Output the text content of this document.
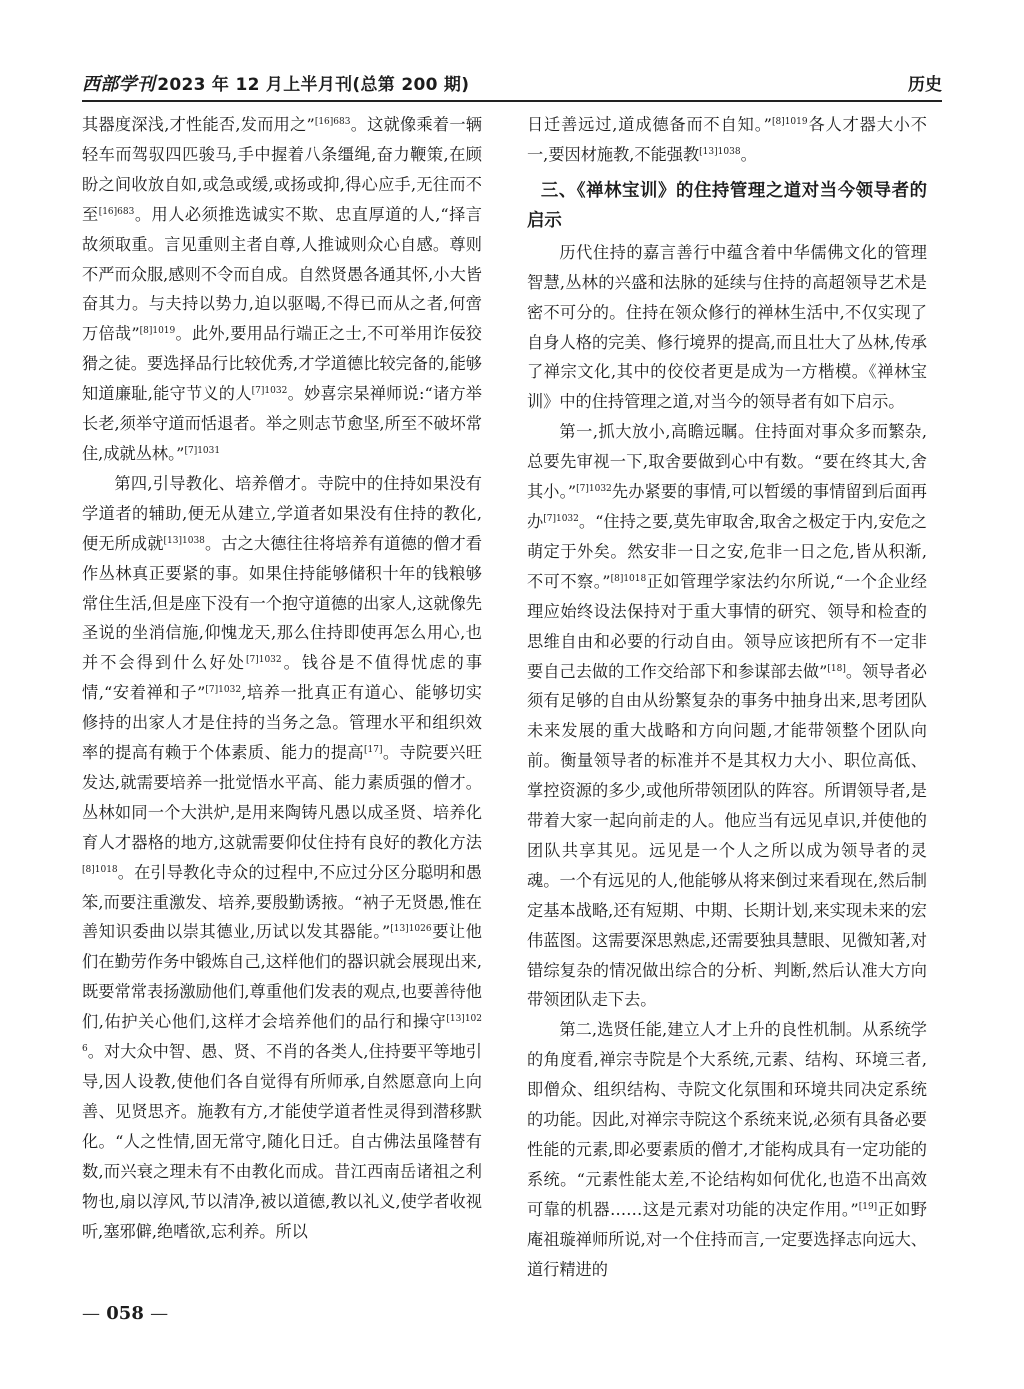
西部学刊 2023 年 12 月上半月刊(总第 200 期)	历史

其器度深浅,才性能否,发而用之”$^{[16]683}$。这就像乘着一辆轻车而驾驭四匹骏马,手中握着八条缰绳,奋力鞭策,在顾盼之间收放自如,或急或缓,或扬或抑,得心应手,无往而不至$^{[16]683}$。用人必须推选诚实不欺、忠直厚道的人,“择言故须取重。言见重则主者自尊,人推诚则众心自感。尊则不严而众服,感则不令而自成。自然贤愚各通其怀,小大皆奋其力。与夫持以势力,迫以驱喝,不得已而从之者,何啻万倍哉”$^{[8]1019}$。此外,要用品行端正之士,不可举用诈佞狡猾之徒。要选择品行比较优秀,才学道德比较完备的,能够知道廉耻,能守节义的人$^{[7]1032}$。妙喜宗杲禅师说:“诸方举长老,须举守道而恬退者。举之则志节愈坚,所至不破坏常住,成就丛林。”$^{[7]1031}$

第四,引导教化、培养僧才。寺院中的住持如果没有学道者的辅助,便无从建立,学道者如果没有住持的教化,便无所成就$^{[13]1038}$。古之大德往往将培养有道德的僧才看作丛林真正要紧的事。如果住持能够储积十年的钱粮够常住生活,但是座下没有一个抱守道德的出家人,这就像先圣说的坐消信施,仰愧龙天,那么住持即使再怎么用心,也并不会得到什么好处$^{[7]1032}$。钱谷是不值得忧虑的事情,“安着禅和子”$^{[7]1032}$,培养一批真正有道心、能够切实修持的出家人才是住持的当务之急。管理水平和组织效率的提高有赖于个体素质、能力的提高[17]。寺院要兴旺发达,就需要培养一批觉悟水平高、能力素质强的僧才。丛林如同一个大洪炉,是用来陶铸凡愚以成圣贤、培养化育人才器格的地方,这就需要仰仗住持有良好的教化方法$^{[8]1018}$。在引导教化寺众的过程中,不应过分区分聪明和愚笨,而要注重激发、培养,要殷勤诱掖。“衲子无贤愚,惟在善知识委曲以崇其德业,历试以发其器能。”$^{[13]1026}$要让他们在勤劳作务中锻炼自己,这样他们的器识就会展现出来,既要常常表扬激励他们,尊重他们发表的观点,也要善待他们,佑护关心他们,这样才会培养他们的品行和操守$^{[13]1026}$。对大众中智、愚、贤、不肖的各类人,住持要平等地引导,因人设教,使他们各自觉得有所师承,自然愿意向上向善、见贤思齐。施教有方,才能使学道者性灵得到潜移默化。“人之性情,固无常守,随化日迁。自古佛法虽隆替有数,而兴衰之理未有不由教化而成。昔江西南岳诸祖之利物也,扇以淳风,节以清净,被以道德,教以礼义,使学者收视听,塞邪僻,绝嗜欲,忘利养。所以

日迁善远过,道成德备而不自知。”$^{[8]1019}$各人才器大小不一,要因材施教,不能强教$^{[13]1038}$。

三、《禅林宝训》的住持管理之道对当今领导者的启示

历代住持的嘉言善行中蕴含着中华儒佛文化的管理智慧,丛林的兴盛和法脉的延续与住持的高超领导艺术是密不可分的。住持在领众修行的禅林生活中,不仅实现了自身人格的完美、修行境界的提高,而且壮大了丛林,传承了禅宗文化,其中的佼佼者更是成为一方楷模。《禅林宝训》中的住持管理之道,对当今的领导者有如下启示。

第一,抓大放小,高瞻远瞩。住持面对事众多而繁杂,总要先审视一下,取舍要做到心中有数。“要在终其大,舍其小。”$^{[7]1032}$先办紧要的事情,可以暂缓的事情留到后面再办$^{[7]1032}$。“住持之要,莫先审取舍,取舍之极定于内,安危之萌定于外矣。然安非一日之安,危非一日之危,皆从积渐,不可不察。”$^{[8]1018}$正如管理学家法约尔所说,“一个企业经理应始终设法保持对于重大事情的研究、领导和检查的思维自由和必要的行动自由。领导应该把所有不一定非要自己去做的工作交给部下和参谋部去做”[18]。领导者必须有足够的自由从纷繁复杂的事务中抽身出来,思考团队未来发展的重大战略和方向问题,才能带领整个团队向前。衡量领导者的标准并不是其权力大小、职位高低、掌控资源的多少,或他所带领团队的阵容。所谓领导者,是带着大家一起向前走的人。他应当有远见卓识,并使他的团队共享其见。远见是一个人之所以成为领导者的灵魂。一个有远见的人,他能够从将来倒过来看现在,然后制定基本战略,还有短期、中期、长期计划,来实现未来的宏伟蓝图。这需要深思熟虑,还需要独具慧眼、见微知著,对错综复杂的情况做出综合的分析、判断,然后认准大方向带领团队走下去。

第二,选贤任能,建立人才上升的良性机制。从系统学的角度看,禅宗寺院是个大系统,元素、结构、环境三者,即僧众、组织结构、寺院文化氛围和环境共同决定系统的功能。因此,对禅宗寺院这个系统来说,必须有具备必要性能的元素,即必要素质的僧才,才能构成具有一定功能的系统。“元素性能太差,不论结构如何优化,也造不出高效可靠的机器……这是元素对功能的决定作用。”[19]正如野庵祖璇禅师所说,对一个住持而言,一定要选择志向远大、道行精进的

— 058 —
